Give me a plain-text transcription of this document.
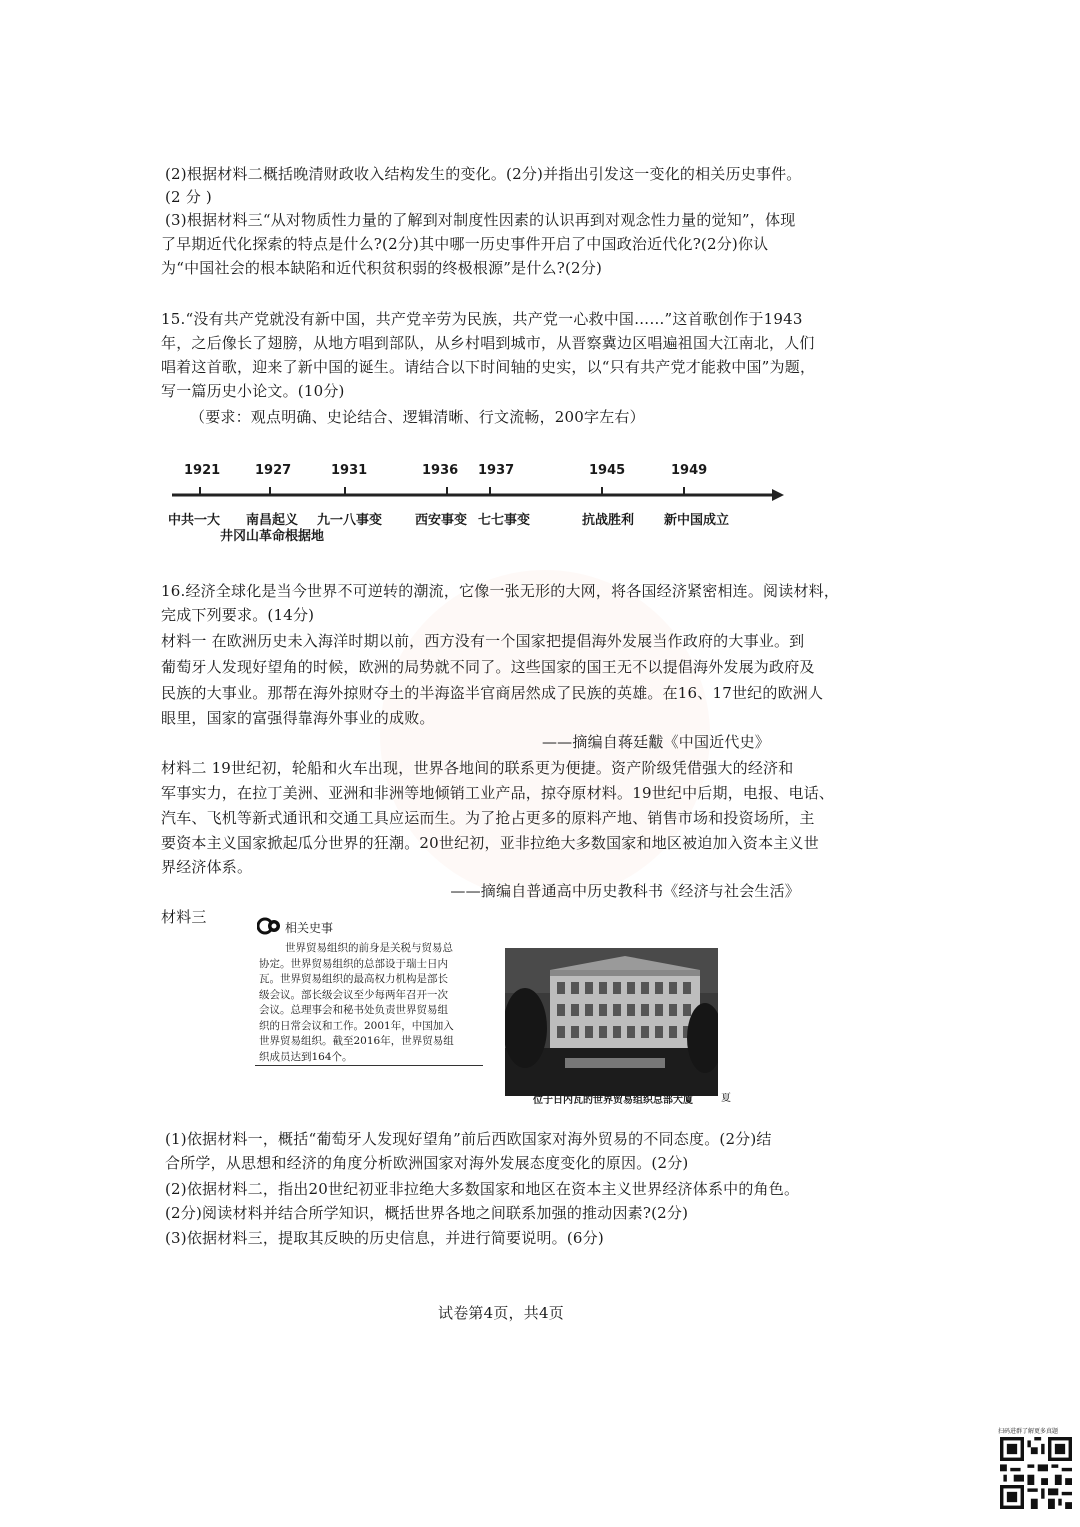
(2)根据材料二概括晚清财政收入结构发生的变化。(2分)并指出引发这一变化的相关历史事件。
(2 分 )
(3)根据材料三“从对物质性力量的了解到对制度性因素的认识再到对观念性力量的觉知”，体现
了早期近代化探索的特点是什么?(2分)其中哪一历史事件开启了中国政治近代化?(2分)你认
为“中国社会的根本缺陷和近代积贫积弱的终极根源”是什么?(2分)
15.“没有共产党就没有新中国，共产党辛劳为民族，共产党一心救中国……”这首歌创作于1943
年，之后像长了翅膀，从地方唱到部队，从乡村唱到城市，从晋察冀边区唱遍祖国大江南北，人们
唱着这首歌，迎来了新中国的诞生。请结合以下时间轴的史实，以“只有共产党才能救中国”为题，
写一篇历史小论文。(10分)
（要求：观点明确、史论结合、逻辑清晰、行文流畅，200字左右）
1921	1927	1931	1936 1937	1945	1949
中共一大 南昌起义
井冈山革命根据地
九一八事变	西安事变 七七事变	抗战胜利 新中国成立
16.经济全球化是当今世界不可逆转的潮流，它像一张无形的大网，将各国经济紧密相连。阅读材料，
完成下列要求。(14分)
材料一 在欧洲历史未入海洋时期以前，西方没有一个国家把提倡海外发展当作政府的大事业。到
葡萄牙人发现好望角的时候，欧洲的局势就不同了。这些国家的国王无不以提倡海外发展为政府及
民族的大事业。那帮在海外掠财夺土的半海盗半官商居然成了民族的英雄。在16、17世纪的欧洲人
眼里，国家的富强得靠海外事业的成败。
——摘编自蒋廷黻《中国近代史》
材料二 19世纪初，轮船和火车出现，世界各地间的联系更为便捷。资产阶级凭借强大的经济和
军事实力，在拉丁美洲、亚洲和非洲等地倾销工业产品，掠夺原材料。19世纪中后期，电报、电话、
汽车、飞机等新式通讯和交通工具应运而生。为了抢占更多的原料产地、销售市场和投资场所，主
要资本主义国家掀起瓜分世界的狂潮。20世纪初，亚非拉绝大多数国家和地区被迫加入资本主义世
界经济体系。
——摘编自普通高中历史教科书《经济与社会生活》
材料三
相关史事
世界贸易组织的前身是关税与贸易总
协定。世界贸易组织的总部设于瑞士日内
瓦。世界贸易组织的最高权力机构是部长
级会议。部长级会议至少每两年召开一次
会议。总理事会和秘书处负责世界贸易组
织的日常会议和工作。2001年，中国加入
世界贸易组织。截至2016年，世界贸易组
织成员达到164个。
位于日内瓦的世界贸易组织总部大厦	夏
(1)依据材料一，概括“葡萄牙人发现好望角”前后西欧国家对海外贸易的不同态度。(2分)结
合所学，从思想和经济的角度分析欧洲国家对海外发展态度变化的原因。(2分)
(2)依据材料二，指出20世纪初亚非拉绝大多数国家和地区在资本主义世界经济体系中的角色。
(2分)阅读材料并结合所学知识，概括世界各地之间联系加强的推动因素?(2分)
(3)依据材料三，提取其反映的历史信息，并进行简要说明。(6分)
试卷第4页，共4页
扫码进群了解更多真题
